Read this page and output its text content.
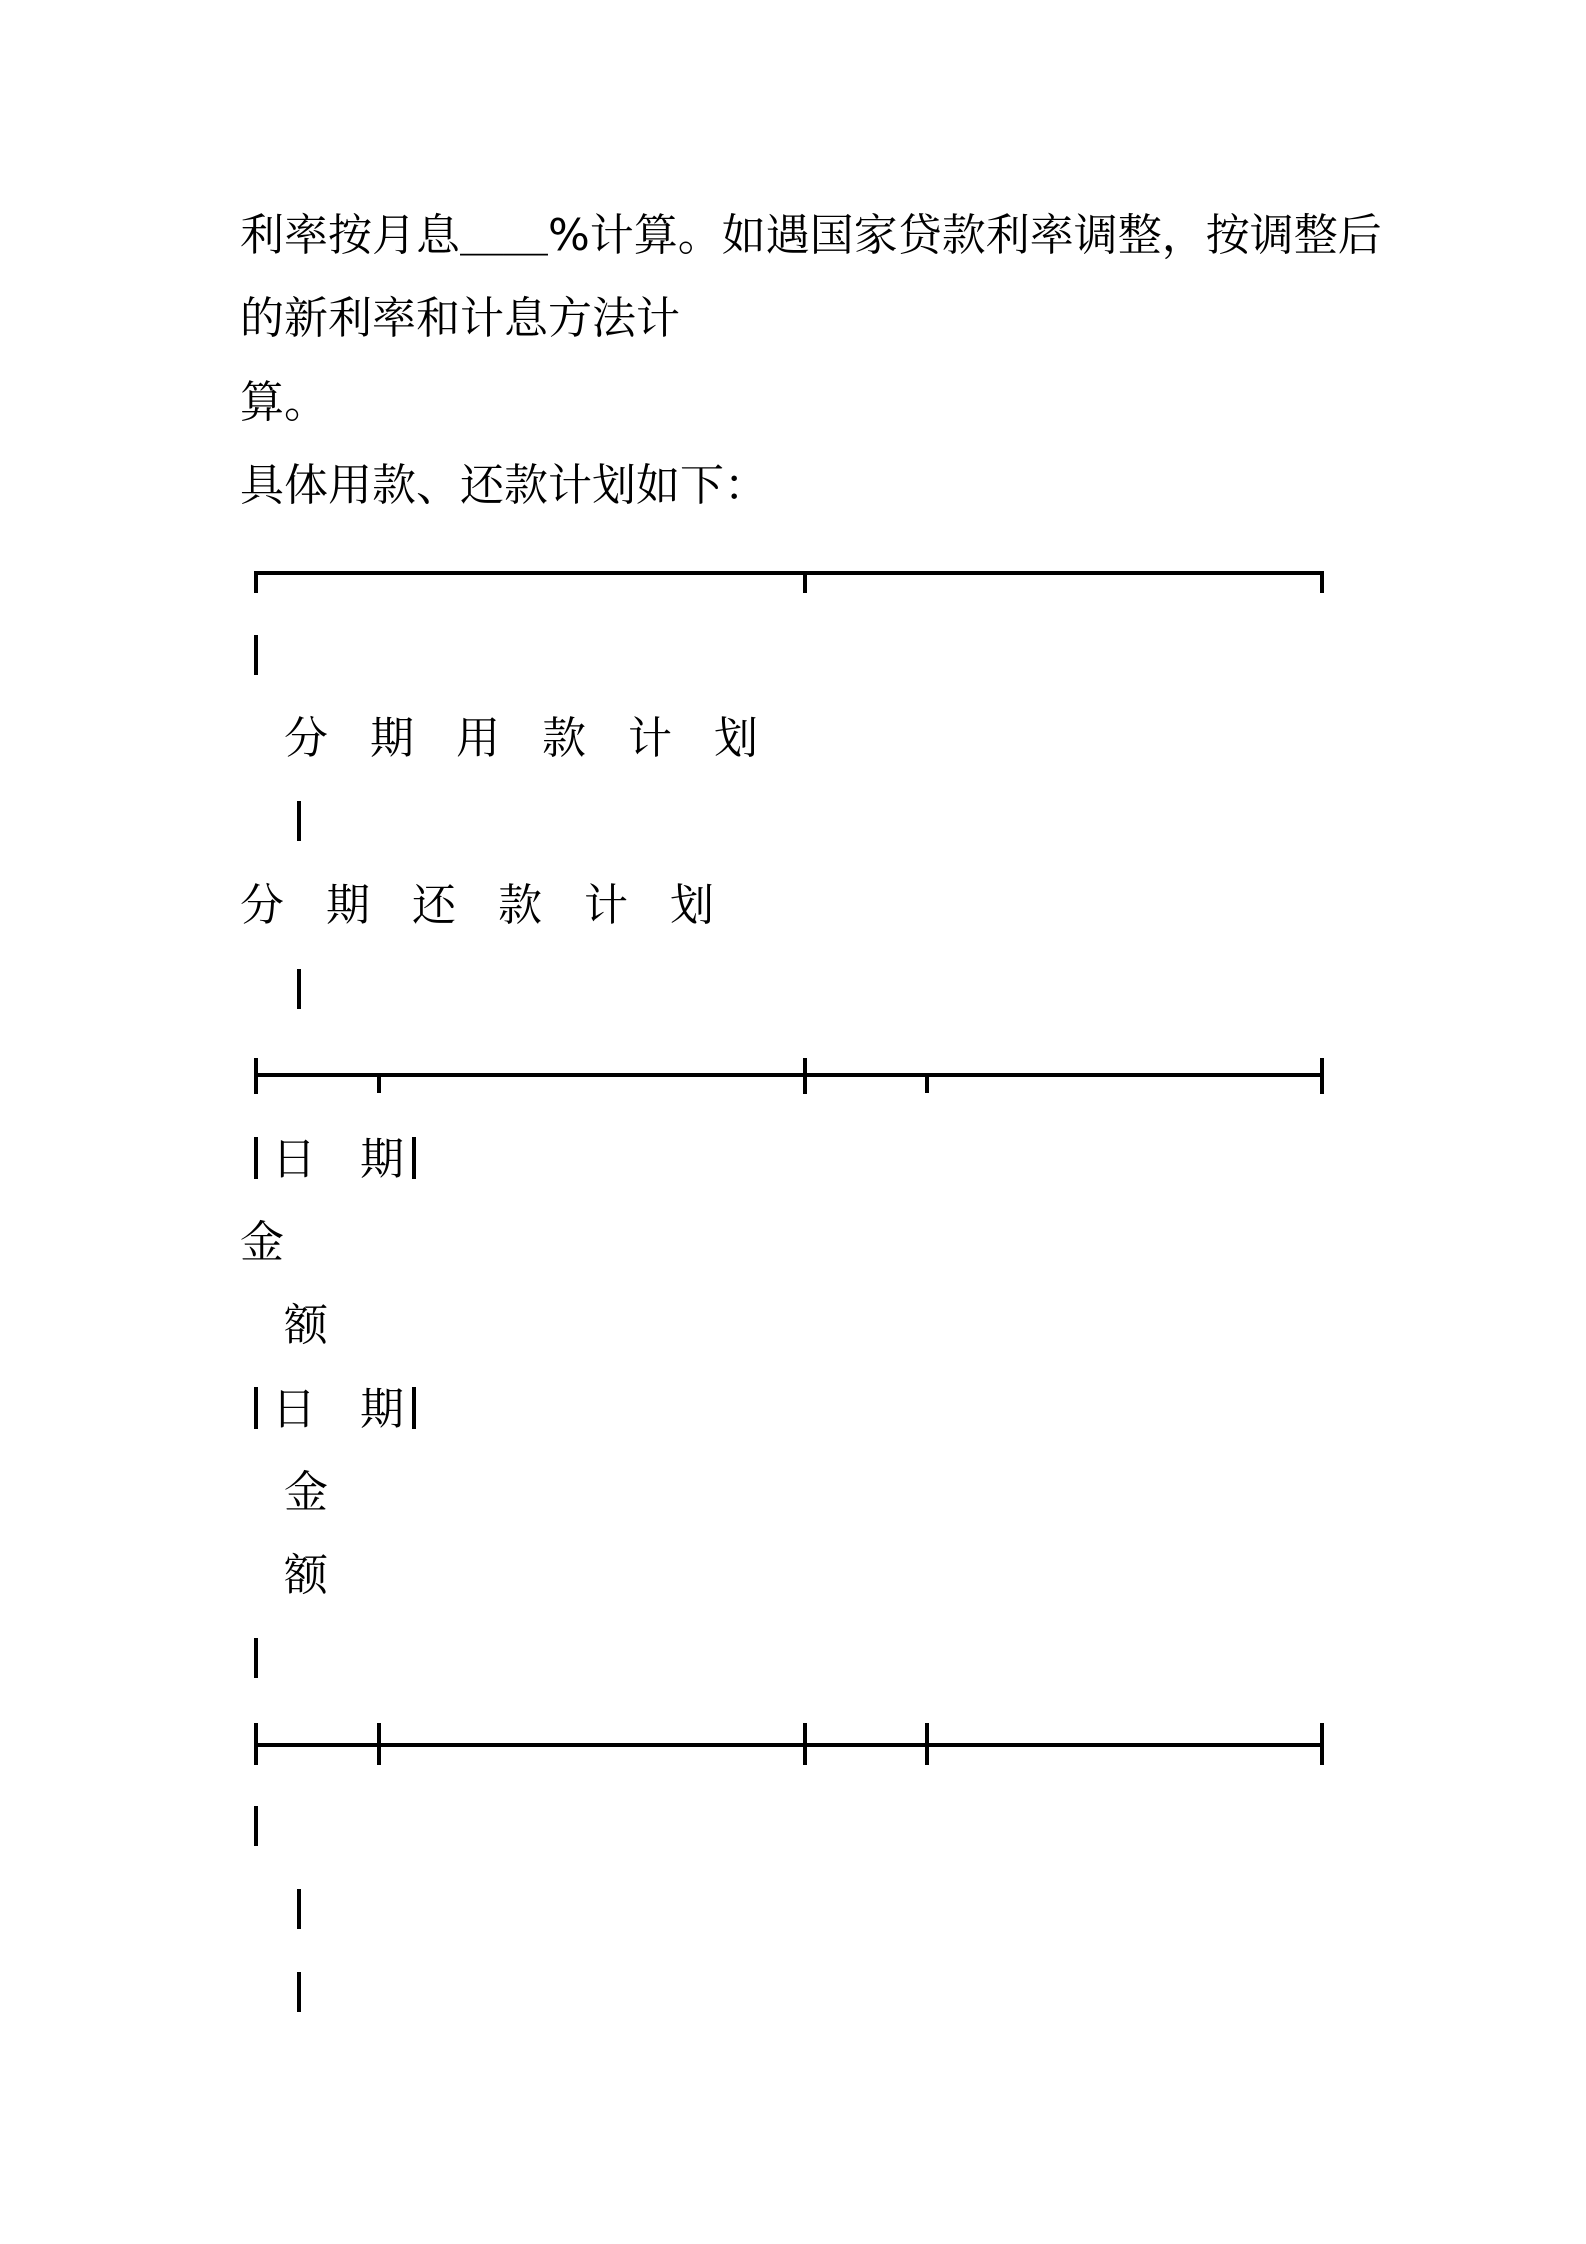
利率按月息＿＿%计算。如遇国家贷款利率调整，按调整后
的新利率和计息方法计
算。
具体用款、还款计划如下：
分期用款计划
分期还款计划
日　期
金
额
日　期
金
额
